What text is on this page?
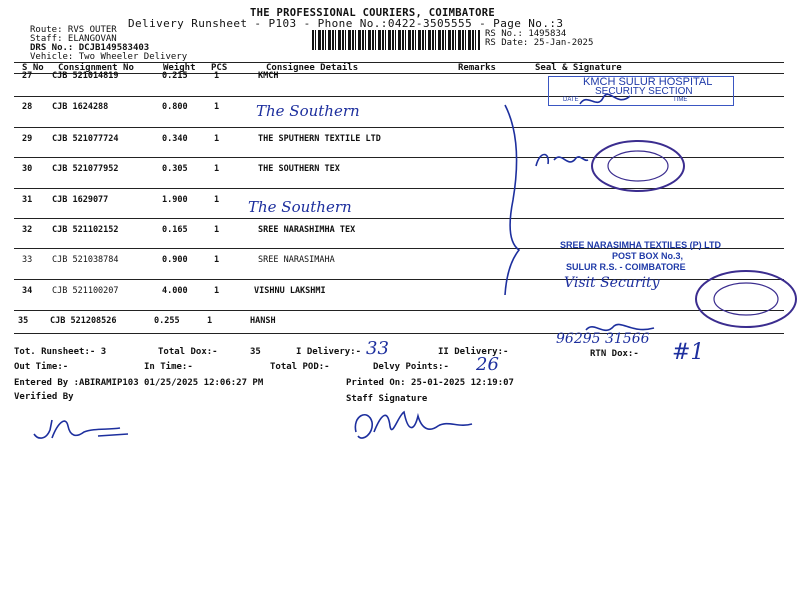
THE PROFESSIONAL COURIERS, COIMBATORE
Delivery Runsheet - P103 - Phone No.:0422-3505555 - Page No.:3
Route: RVS OUTER
Staff: ELANGOVAN
DRS No.: DCJB149583403
Vehicle: Two Wheeler Delivery
RS No.: 1495834
RS Date: 25-Jan-2025
S No Consignment No	Weight PCS	Consignee Details	Remarks	Seal & Signature
27 CJB 521014819	0.215	1	KMCH
28 CJB 1624288	0.800	1
29 CJB 521077724	0.340	1	THE SPUTHERN TEXTILE LTD
30 CJB 521077952	0.305	1	THE SOUTHERN TEX
31 CJB 1629077	1.900	1
32 CJB 521102152	0.165	1	SREE NARASHIMHA TEX
33 CJB 521038784	0.900	1	SREE NARASIMAHA
34 CJB 521100207	4.000	1	VISHNU LAKSHMI
35	CJB 521208526	0.255	1	HANSH
The Southern
The Southern
KMCH SULUR HOSPITAL
SECURITY SECTION
DATE	TIME
SREE NARASIMHA TEXTILES (P) LTD
POST BOX No.3,
SULUR R.S. - COIMBATORE
Visit Security
96295 31566
Tot. Runsheet:- 3	Total Dox:-	35	I Delivery:- 33	II Delivery:-	RTN Dox:- #1
Out Time:-	In Time:-	Total POD:-	Delvy Points:- 26
Entered By :ABIRAMIP103 01/25/2025 12:06:27 PM	Printed On: 25-01-2025 12:19:07
Verified By	Staff Signature
